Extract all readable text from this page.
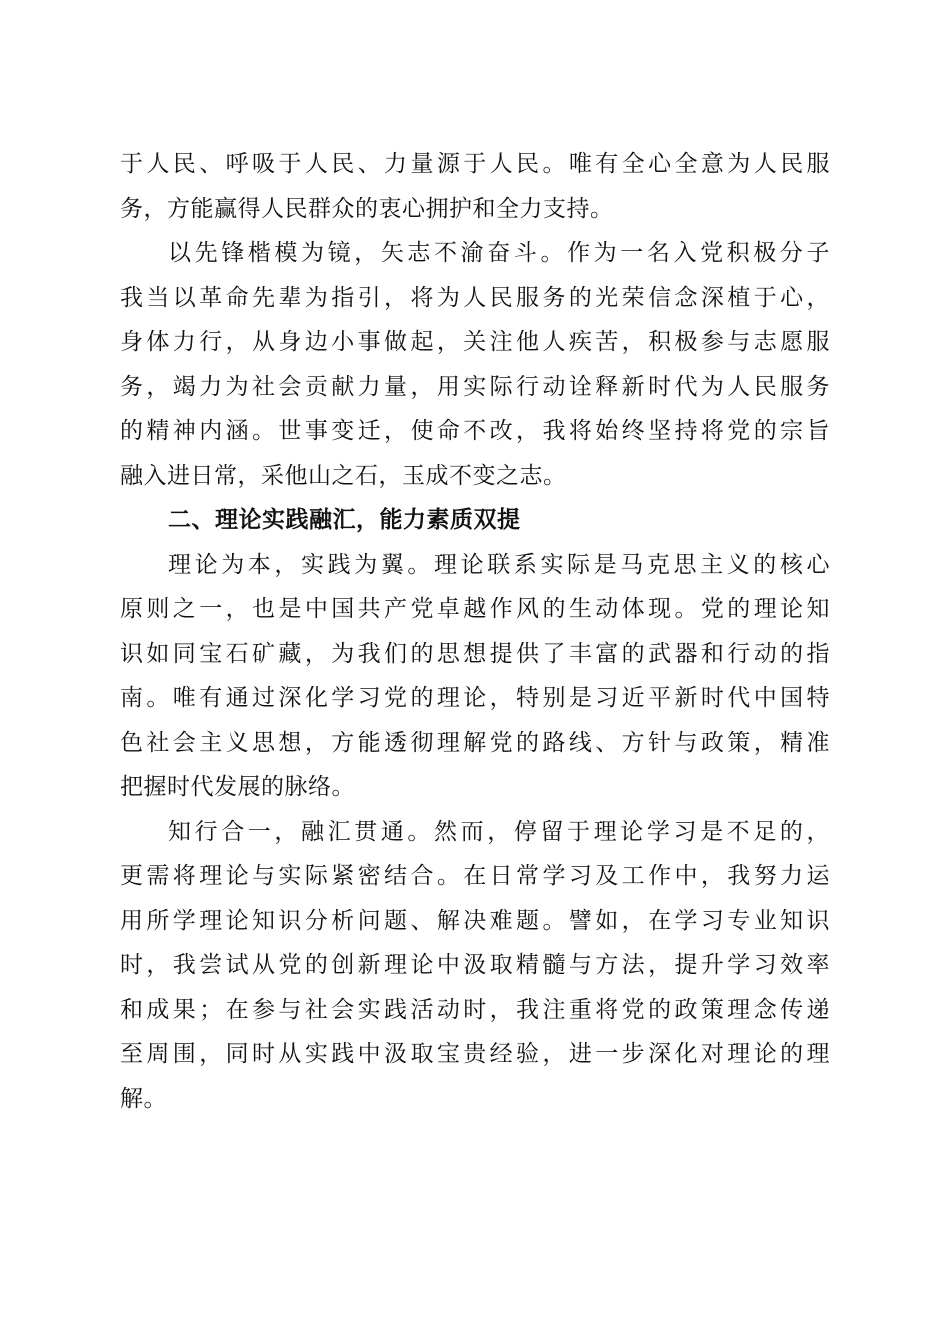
于人民、呼吸于人民、力量源于人民。唯有全心全意为人民服
务，方能赢得人民群众的衷心拥护和全力支持。
以先锋楷模为镜，矢志不渝奋斗。作为一名入党积极分子
我当以革命先辈为指引，将为人民服务的光荣信念深植于心，
身体力行，从身边小事做起，关注他人疾苦，积极参与志愿服
务，竭力为社会贡献力量，用实际行动诠释新时代为人民服务
的精神内涵。世事变迁，使命不改，我将始终坚持将党的宗旨
融入进日常，采他山之石，玉成不变之志。
二、理论实践融汇，能力素质双提
理论为本，实践为翼。理论联系实际是马克思主义的核心
原则之一，也是中国共产党卓越作风的生动体现。党的理论知
识如同宝石矿藏，为我们的思想提供了丰富的武器和行动的指
南。唯有通过深化学习党的理论，特别是习近平新时代中国特
色社会主义思想，方能透彻理解党的路线、方针与政策，精准
把握时代发展的脉络。
知行合一，融汇贯通。然而，停留于理论学习是不足的，
更需将理论与实际紧密结合。在日常学习及工作中，我努力运
用所学理论知识分析问题、解决难题。譬如，在学习专业知识
时，我尝试从党的创新理论中汲取精髓与方法，提升学习效率
和成果；在参与社会实践活动时，我注重将党的政策理念传递
至周围，同时从实践中汲取宝贵经验，进一步深化对理论的理
解。
